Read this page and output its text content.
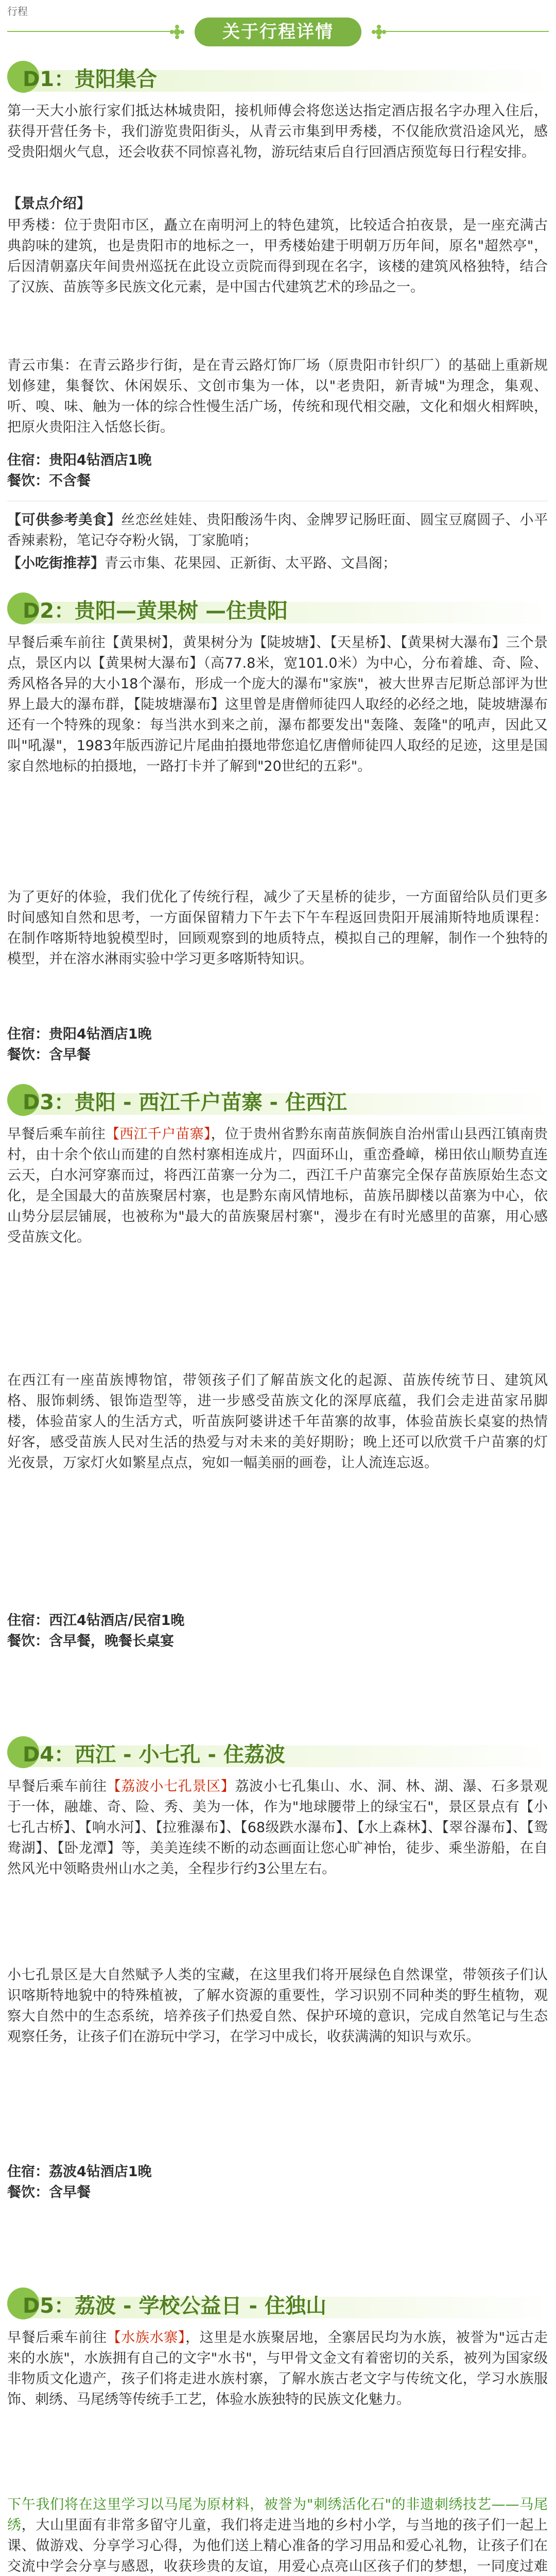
行程
关于行程详情
D1：贵阳集合
第一天大小旅行家们抵达林城贵阳，接机师傅会将您送达指定酒店报名字办理入住后，获得开营任务卡，我们游览贵阳街头，从青云市集到甲秀楼，不仅能欣赏沿途风光，感受贵阳烟火气息，还会收获不同惊喜礼物，游玩结束后自行回酒店预览每日行程安排。
【景点介绍】
甲秀楼：位于贵阳市区，矗立在南明河上的特色建筑，比较适合拍夜景，是一座充满古典韵味的建筑，也是贵阳市的地标之一，甲秀楼始建于明朝万历年间，原名"超然亭"，后因清朝嘉庆年间贵州巡抚在此设立贡院而得到现在名字，该楼的建筑风格独特，结合了汉族、苗族等多民族文化元素，是中国古代建筑艺术的珍品之一。
青云市集：在青云路步行街，是在青云路灯饰厂场（原贵阳市针织厂）的基础上重新规划修建，集餐饮、休闲娱乐、文创市集为一体，以"老贵阳，新青城"为理念，集观、听、嗅、味、触为一体的综合性慢生活广场，传统和现代相交融，文化和烟火相辉映，把原火贵阳注入恬悠长街。
住宿：贵阳4钻酒店1晚
餐饮：不含餐
【可供参考美食】丝恋丝娃娃、贵阳酸汤牛肉、金牌罗记肠旺面、圆宝豆腐圆子、小平香辣素粉，笔记夺夺粉火锅，丁家脆哨；
【小吃街推荐】青云市集、花果园、正新街、太平路、文昌阁；
D2：贵阳—黄果树 —住贵阳
早餐后乘车前往【黄果树】，黄果树分为【陡坡塘】、【天星桥】、【黄果树大瀑布】三个景点，景区内以【黄果树大瀑布】（高77.8米，宽101.0米）为中心，分布着雄、奇、险、秀风格各异的大小18个瀑布，形成一个庞大的瀑布"家族"，被大世界吉尼斯总部评为世界上最大的瀑布群，【陡坡塘瀑布】这里曾是唐僧师徒四人取经的必经之地，陡坡塘瀑布还有一个特殊的现象：每当洪水到来之前，瀑布都要发出"轰隆、轰隆"的吼声，因此又叫"吼瀑"，1983年版西游记片尾曲拍摄地带您追忆唐僧师徒四人取经的足迹，这里是国家自然地标的拍摄地，一路打卡并了解到"20世纪的五彩"。
为了更好的体验，我们优化了传统行程，减少了天星桥的徒步，一方面留给队员们更多时间感知自然和思考，一方面保留精力下午去下午车程返回贵阳开展浦斯特地质课程：在制作喀斯特地貌模型时，回顾观察到的地质特点，模拟自己的理解，制作一个独特的模型，并在溶水淋雨实验中学习更多喀斯特知识。
住宿：贵阳4钻酒店1晚
餐饮：含早餐
D3：贵阳 - 西江千户苗寨 - 住西江
早餐后乘车前往【西江千户苗寨】，位于贵州省黔东南苗族侗族自治州雷山县西江镇南贵村，由十余个依山而建的自然村寨相连成片，四面环山，重峦叠嶂，梯田依山顺势直连云天，白水河穿寨而过，将西江苗寨一分为二，西江千户苗寨完全保存苗族原始生态文化，是全国最大的苗族聚居村寨，也是黔东南风情地标，苗族吊脚楼以苗寨为中心，依山势分层层铺展，也被称为"最大的苗族聚居村寨"，漫步在有时光感里的苗寨，用心感受苗族文化。
在西江有一座苗族博物馆，带领孩子们了解苗族文化的起源、苗族传统节日、建筑风格、服饰刺绣、银饰造型等，进一步感受苗族文化的深厚底蕴，我们会走进苗家吊脚楼，体验苗家人的生活方式，听苗族阿婆讲述千年苗寨的故事，体验苗族长桌宴的热情好客，感受苗族人民对生活的热爱与对未来的美好期盼；晚上还可以欣赏千户苗寨的灯光夜景，万家灯火如繁星点点，宛如一幅美丽的画卷，让人流连忘返。
住宿：西江4钻酒店/民宿1晚
餐饮：含早餐，晚餐长桌宴
D4：西江 - 小七孔 - 住荔波
早餐后乘车前往【荔波小七孔景区】荔波小七孔集山、水、洞、林、湖、瀑、石多景观于一体，融雄、奇、险、秀、美为一体，作为"地球腰带上的绿宝石"，景区景点有【小七孔古桥】、【响水河】、【拉雅瀑布】、【68级跌水瀑布】、【水上森林】、【翠谷瀑布】、【鸳鸯湖】、【卧龙潭】等，美美连续不断的动态画面让您心旷神怡，徒步、乘坐游船，在自然风光中领略贵州山水之美，全程步行约3公里左右。
小七孔景区是大自然赋予人类的宝藏，在这里我们将开展绿色自然课堂，带领孩子们认识喀斯特地貌中的特殊植被，了解水资源的重要性，学习识别不同种类的野生植物，观察大自然中的生态系统，培养孩子们热爱自然、保护环境的意识，完成自然笔记与生态观察任务，让孩子们在游玩中学习，在学习中成长，收获满满的知识与欢乐。
住宿：荔波4钻酒店1晚
餐饮：含早餐
D5：荔波 - 学校公益日 - 住独山
早餐后乘车前往【水族水寨】，这里是水族聚居地，全寨居民均为水族，被誉为"远古走来的水族"，水族拥有自己的文字"水书"，与甲骨文金文有着密切的关系，被列为国家级非物质文化遗产，孩子们将走进水族村寨，了解水族古老文字与传统文化，学习水族服饰、刺绣、马尾绣等传统手工艺，体验水族独特的民族文化魅力。
下午我们将在这里学习以马尾为原材料，被誉为"刺绣活化石"的非遗刺绣技艺——马尾绣，大山里面有非常多留守儿童，我们将走进当地的乡村小学，与当地的孩子们一起上课、做游戏、分享学习心得，为他们送上精心准备的学习用品和爱心礼物，让孩子们在交流中学会分享与感恩，收获珍贵的友谊，用爱心点亮山区孩子们的梦想，一同度过难
